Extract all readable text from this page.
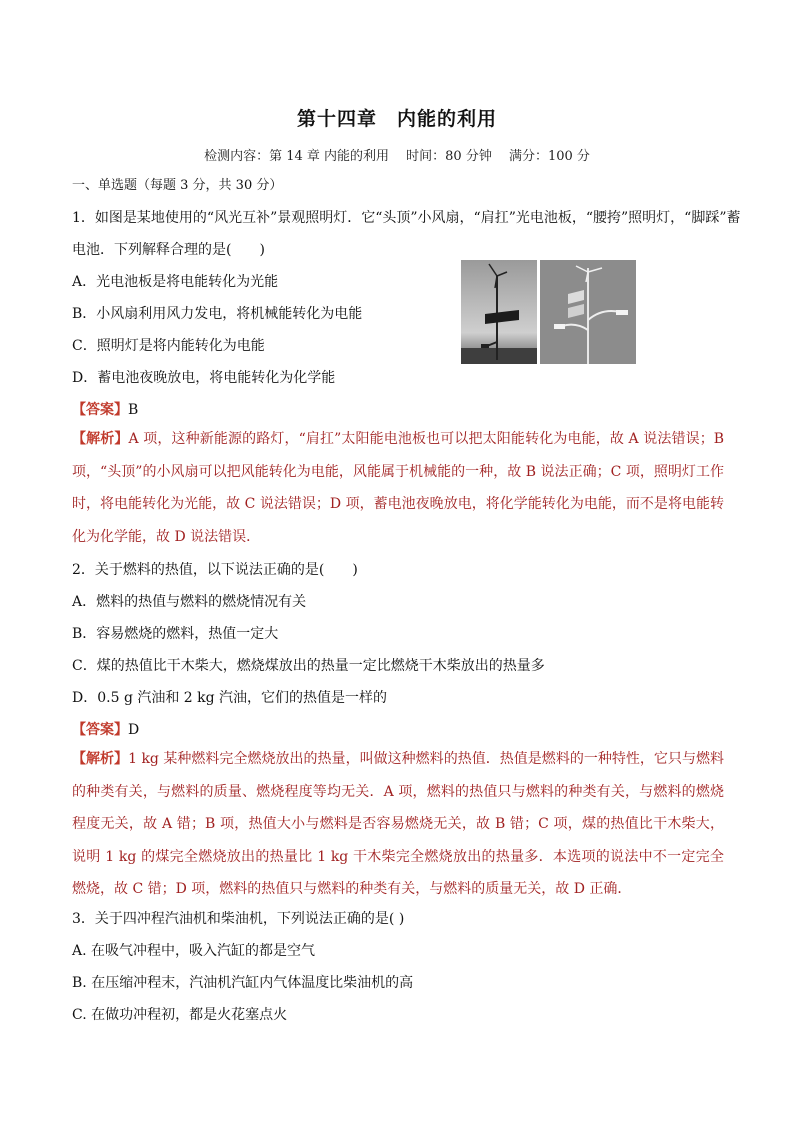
第十四章　内能的利用
检测内容：第 14 章 内能的利用　 时间：80 分钟　 满分：100 分
一、单选题（每题 3 分，共 30 分）
1．如图是某地使用的“风光互补”景观照明灯．它“头顶”小风扇，“肩扛”光电池板，“腰挎”照明灯，“脚踩”蓄
电池．下列解释合理的是(　　)
A．光电池板是将电能转化为光能
B．小风扇利用风力发电，将机械能转化为电能
C．照明灯是将内能转化为电能
D．蓄电池夜晚放电，将电能转化为化学能
【答案】B
【解析】A 项，这种新能源的路灯，“肩扛”太阳能电池板也可以把太阳能转化为电能，故 A 说法错误；B 项，“头顶”的小风扇可以把风能转化为电能，风能属于机械能的一种，故 B 说法正确；C 项，照明灯工作时，将电能转化为光能，故 C 说法错误；D 项，蓄电池夜晚放电，将化学能转化为电能，而不是将电能转化为化学能，故 D 说法错误．
2．关于燃料的热值，以下说法正确的是(　　)
A．燃料的热值与燃料的燃烧情况有关
B．容易燃烧的燃料，热值一定大
C．煤的热值比干木柴大，燃烧煤放出的热量一定比燃烧干木柴放出的热量多
D．0.5 g 汽油和 2 kg 汽油，它们的热值是一样的
【答案】D
【解析】1 kg 某种燃料完全燃烧放出的热量，叫做这种燃料的热值．热值是燃料的一种特性，它只与燃料的种类有关，与燃料的质量、燃烧程度等均无关．A 项，燃料的热值只与燃料的种类有关，与燃料的燃烧程度无关，故 A 错；B 项，热值大小与燃料是否容易燃烧无关，故 B 错；C 项，煤的热值比干木柴大，说明 1 kg 的煤完全燃烧放出的热量比 1 kg 干木柴完全燃烧放出的热量多．本选项的说法中不一定完全燃烧，故 C 错；D 项，燃料的热值只与燃料的种类有关，与燃料的质量无关，故 D 正确．
3．关于四冲程汽油机和柴油机，下列说法正确的是( )
A. 在吸气冲程中，吸入汽缸的都是空气
B. 在压缩冲程末，汽油机汽缸内气体温度比柴油机的高
C. 在做功冲程初，都是火花塞点火
